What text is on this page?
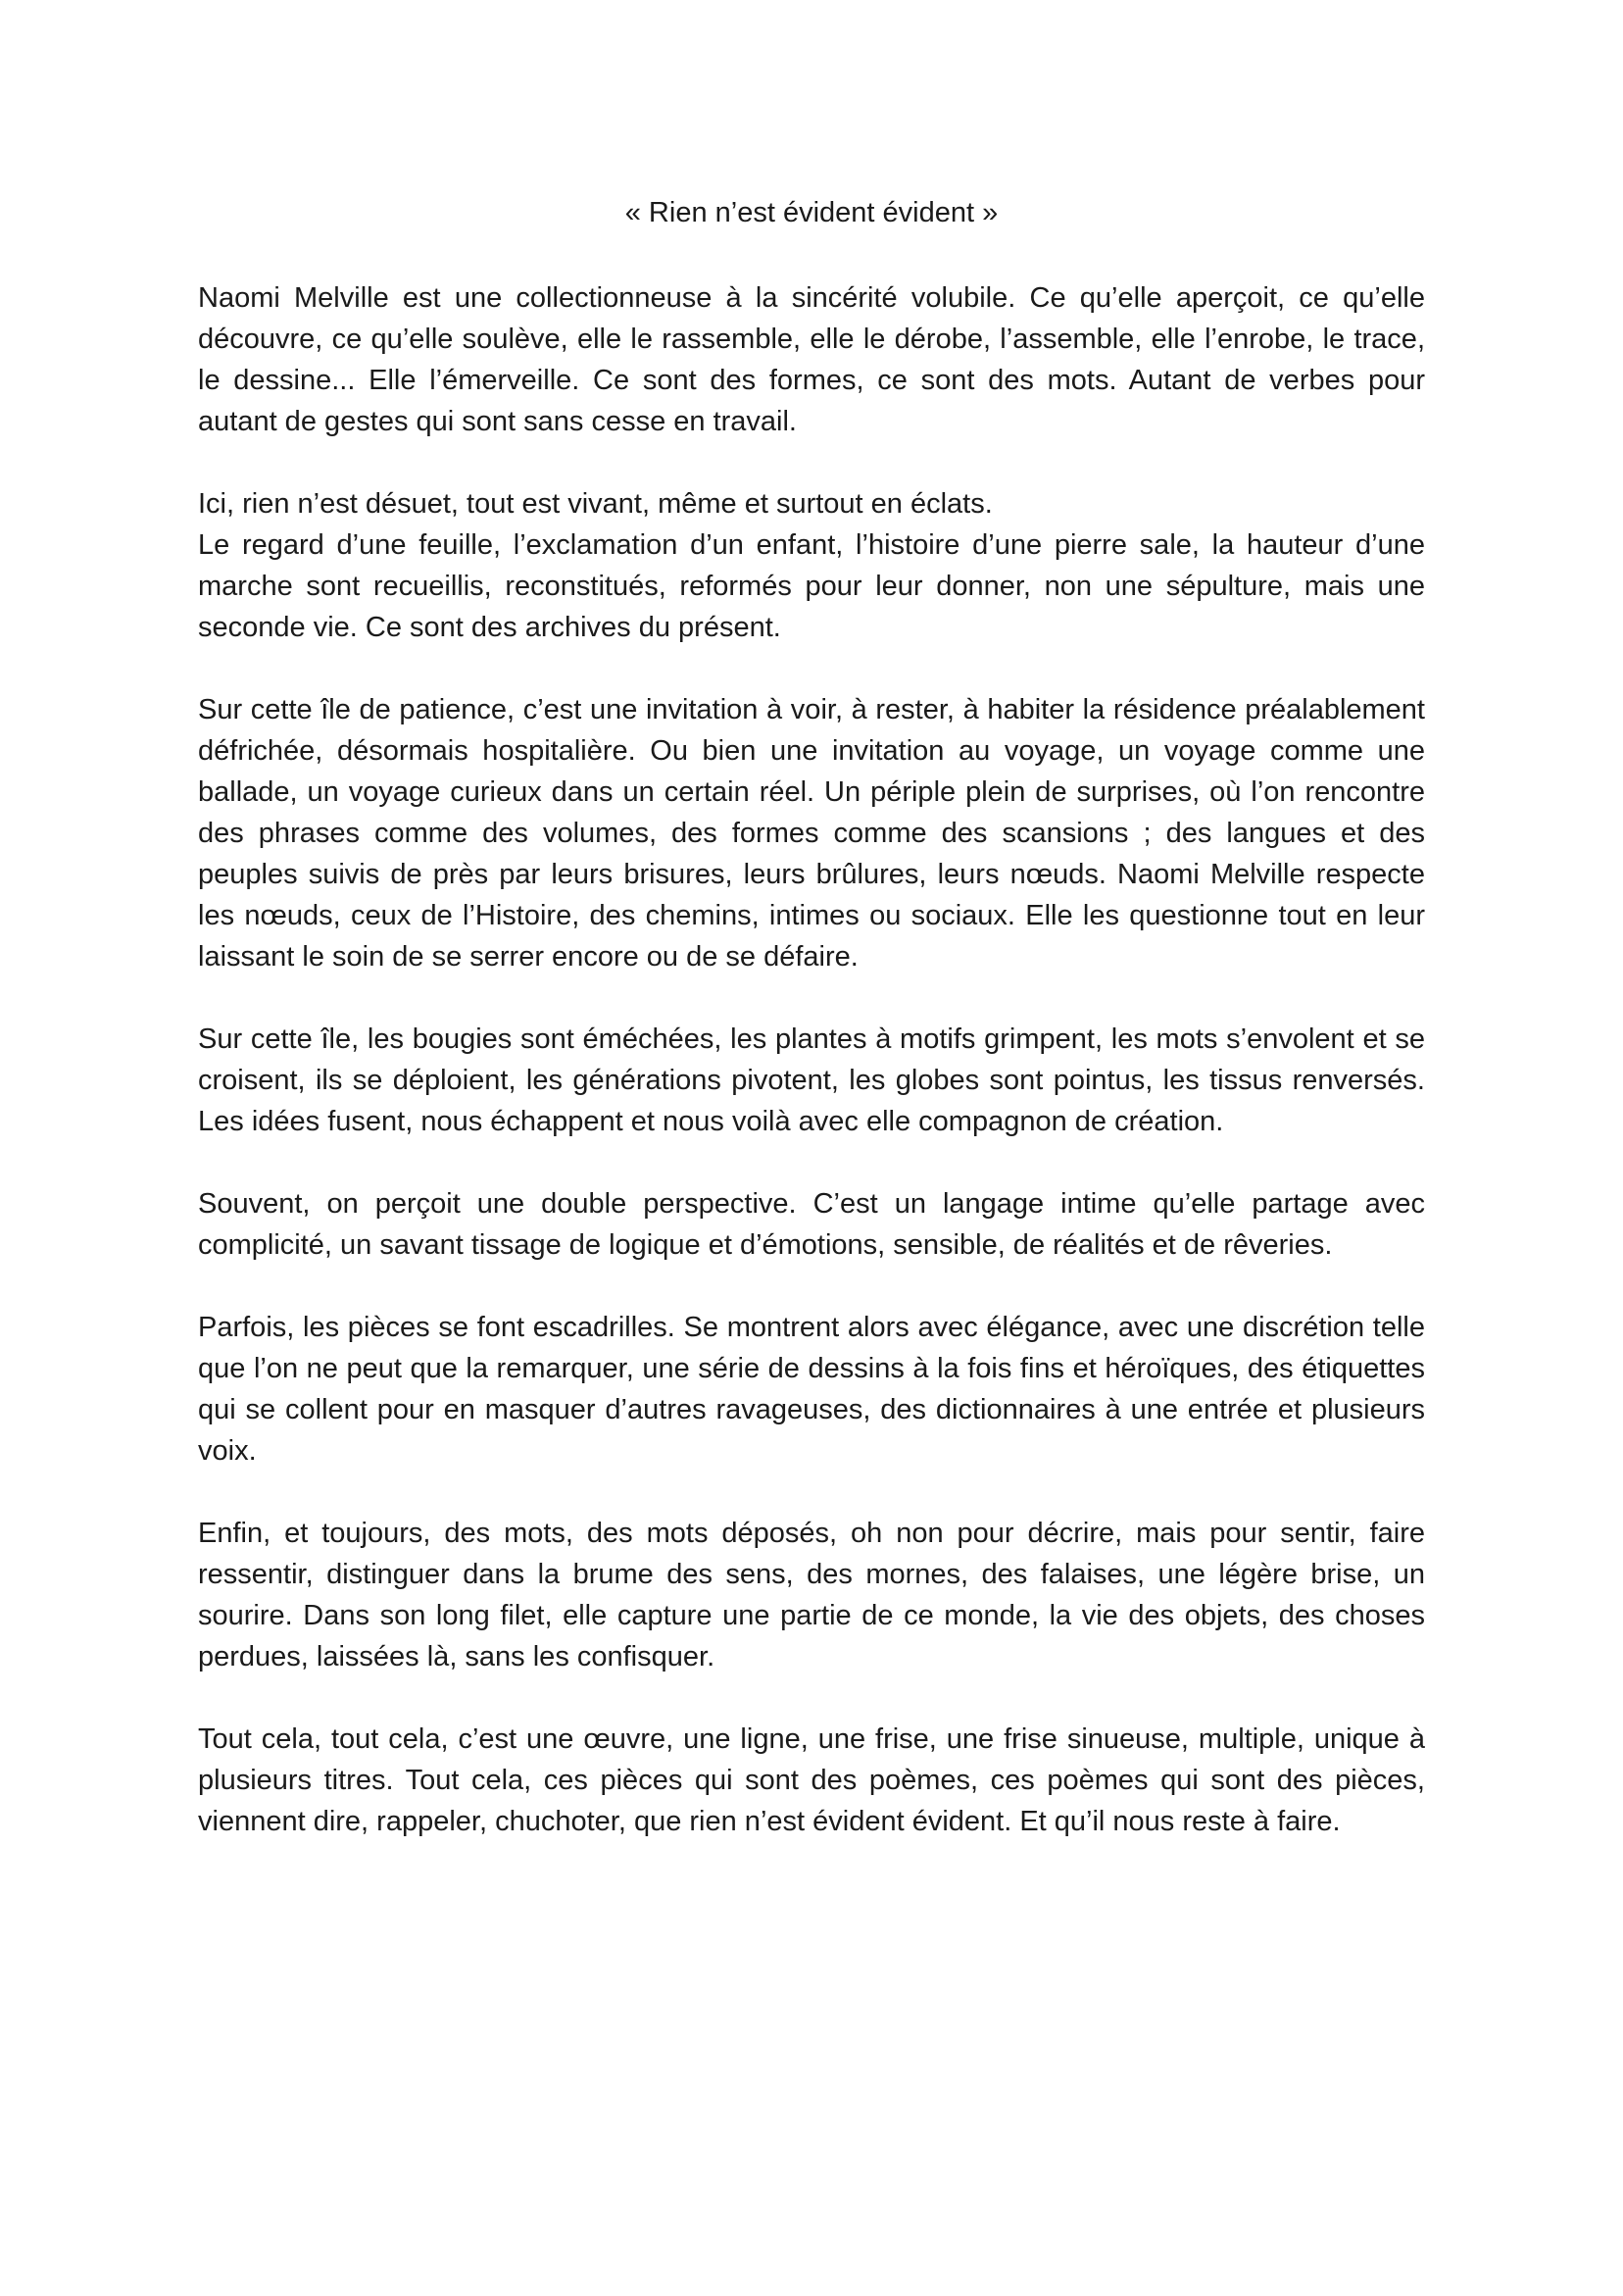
« Rien n’est évident évident »

Naomi Melville est une collectionneuse à la sincérité volubile. Ce qu’elle aperçoit, ce qu’elle découvre, ce qu’elle soulève, elle le rassemble, elle le dérobe, l’assemble, elle l’enrobe, le trace, le dessine... Elle l’émerveille. Ce sont des formes, ce sont des mots. Autant de verbes pour autant de gestes qui sont sans cesse en travail.

Ici, rien n’est désuet, tout est vivant, même et surtout en éclats.

Le regard d’une feuille, l’exclamation d’un enfant, l’histoire d’une pierre sale, la hauteur d’une marche sont recueillis, reconstitués, reformés pour leur donner, non une sépulture, mais une seconde vie. Ce sont des archives du présent.

Sur cette île de patience, c’est une invitation à voir, à rester, à habiter la résidence préalablement défrichée, désormais hospitalière. Ou bien une invitation au voyage, un voyage comme une ballade, un voyage curieux dans un certain réel. Un périple plein de surprises, où l’on rencontre des phrases comme des volumes, des formes comme des scansions ; des langues et des peuples suivis de près par leurs brisures, leurs brûlures, leurs nœuds. Naomi Melville respecte les nœuds, ceux de l’Histoire, des chemins, intimes ou sociaux. Elle les questionne tout en leur laissant le soin de se serrer encore ou de se défaire.

Sur cette île, les bougies sont éméchées, les plantes à motifs grimpent, les mots s’envolent et se croisent, ils se déploient, les générations pivotent, les globes sont pointus, les tissus renversés. Les idées fusent, nous échappent et nous voilà avec elle compagnon de création.

Souvent, on perçoit une double perspective. C’est un langage intime qu’elle partage avec complicité, un savant tissage de logique et d’émotions, sensible, de réalités et de rêveries.

Parfois, les pièces se font escadrilles. Se montrent alors avec élégance, avec une discrétion telle que l’on ne peut que la remarquer, une série de dessins à la fois fins et héroïques, des étiquettes qui se collent pour en masquer d’autres ravageuses, des dictionnaires à une entrée et plusieurs voix.

Enfin, et toujours, des mots, des mots déposés, oh non pour décrire, mais pour sentir, faire ressentir, distinguer dans la brume des sens, des mornes, des falaises, une légère brise, un sourire. Dans son long filet, elle capture une partie de ce monde, la vie des objets, des choses perdues, laissées là, sans les confisquer.

Tout cela, tout cela, c’est une œuvre, une ligne, une frise, une frise sinueuse, multiple, unique à plusieurs titres. Tout cela, ces pièces qui sont des poèmes, ces poèmes qui sont des pièces, viennent dire, rappeler, chuchoter, que rien n’est évident évident. Et qu’il nous reste à faire.
